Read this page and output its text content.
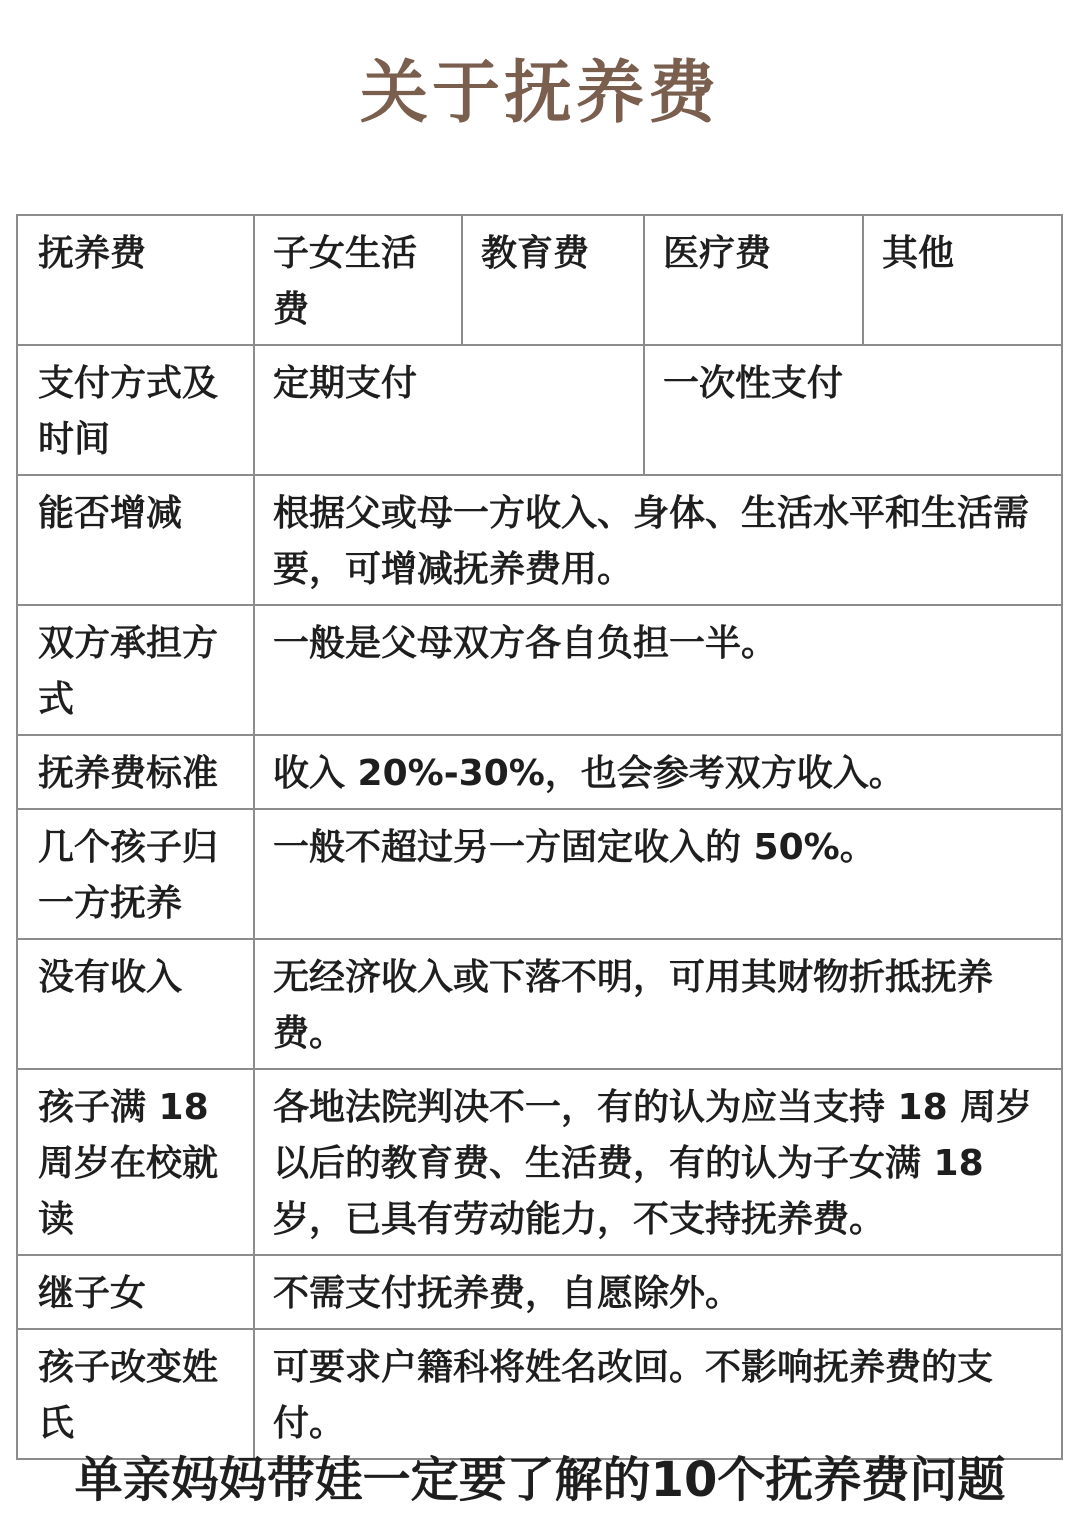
关于抚养费
抚养费	子女生活费	教育费	医疗费	其他
支付方式及时间	定期支付		一次性支付	
能否增减	根据父或母一方收入、身体、生活水平和生活需要，可增减抚养费用。			
双方承担方式	一般是父母双方各自负担一半。			
抚养费标准	收入 20%-30%，也会参考双方收入。			
几个孩子归一方抚养	一般不超过另一方固定收入的 50%。			
没有收入	无经济收入或下落不明，可用其财物折抵抚养费。			
孩子满 18 周岁在校就读	各地法院判决不一，有的认为应当支持 18 周岁以后的教育费、生活费，有的认为子女满 18 岁，已具有劳动能力，不支持抚养费。			
继子女	不需支付抚养费，自愿除外。			
孩子改变姓氏	可要求户籍科将姓名改回。不影响抚养费的支付。			
单亲妈妈带娃一定要了解的10个抚养费问题
